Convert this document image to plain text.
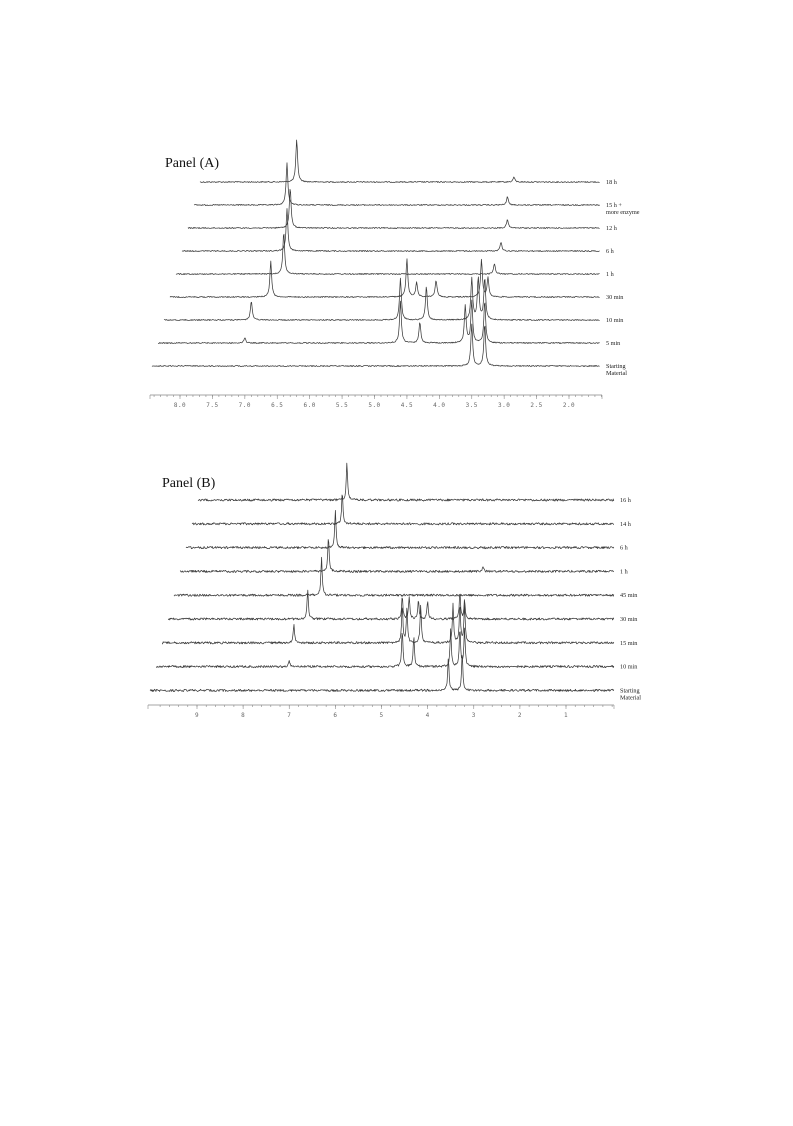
Panel (A)
18 h
15 h + more enzyme
12 h
6 h
1 h
30 min
10 min
5 min
Starting Material
8.0	7.5	7.0	6.5	6.0	5.5	5.0	4.5	4.0	3.5	3.0	2.5	2.0
Panel (B)
16 h
14 h
6 h
1 h
45 min
30 min
15 min
10 min
Starting Material
9	8	7	6	5	4	3	2	1
